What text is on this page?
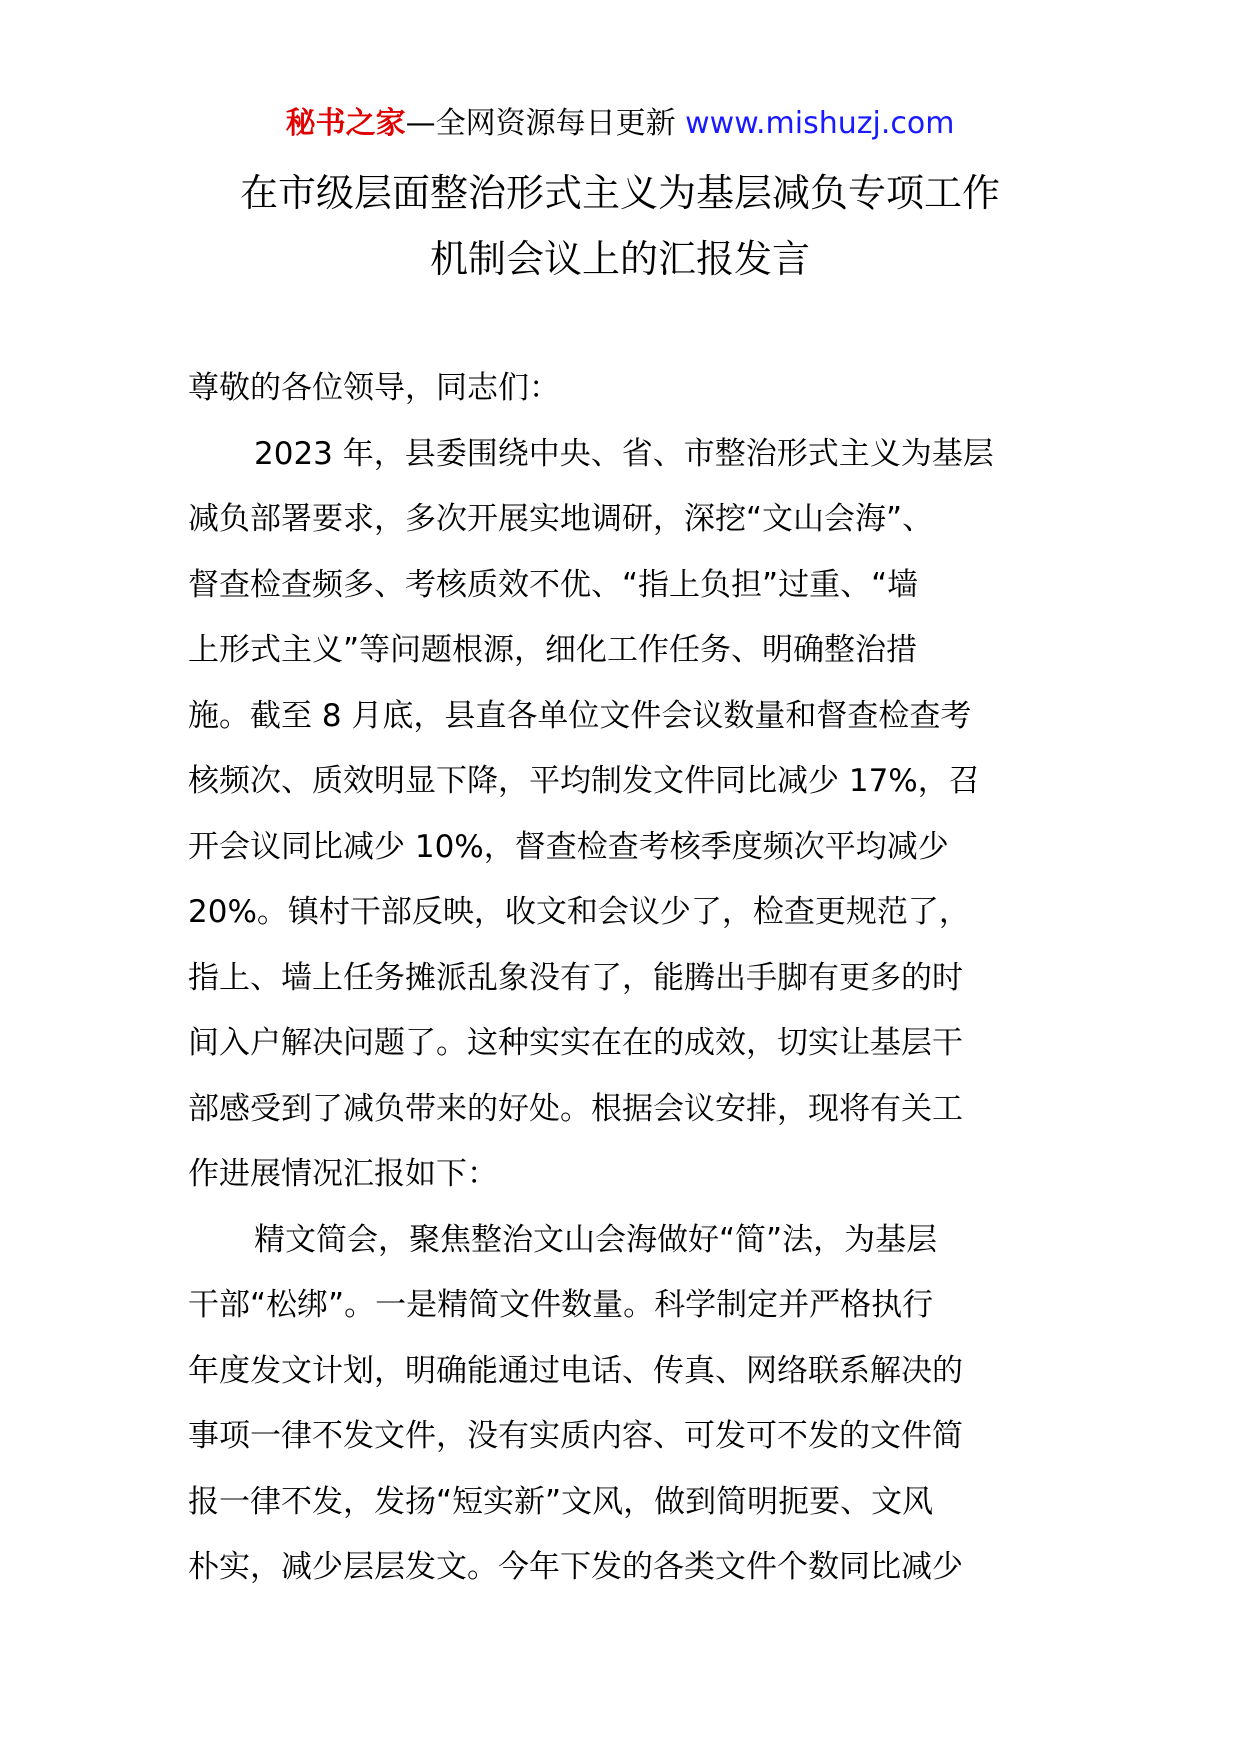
秘书之家—全网资源每日更新 www.mishuzj.com
在市级层面整治形式主义为基层减负专项工作
机制会议上的汇报发言
尊敬的各位领导，同志们：
2023 年，县委围绕中央、省、市整治形式主义为基层
减负部署要求，多次开展实地调研，深挖“文山会海”、
督查检查频多、考核质效不优、“指上负担”过重、“墙
上形式主义”等问题根源，细化工作任务、明确整治措
施。截至 8 月底，县直各单位文件会议数量和督查检查考
核频次、质效明显下降，平均制发文件同比减少 17%，召
开会议同比减少 10%，督查检查考核季度频次平均减少
20%。镇村干部反映，收文和会议少了，检查更规范了，
指上、墙上任务摊派乱象没有了，能腾出手脚有更多的时
间入户解决问题了。这种实实在在的成效，切实让基层干
部感受到了减负带来的好处。根据会议安排，现将有关工
作进展情况汇报如下：
精文简会，聚焦整治文山会海做好“简”法，为基层
干部“松绑”。一是精简文件数量。科学制定并严格执行
年度发文计划，明确能通过电话、传真、网络联系解决的
事项一律不发文件，没有实质内容、可发可不发的文件简
报一律不发，发扬“短实新”文风，做到简明扼要、文风
朴实，减少层层发文。今年下发的各类文件个数同比减少
